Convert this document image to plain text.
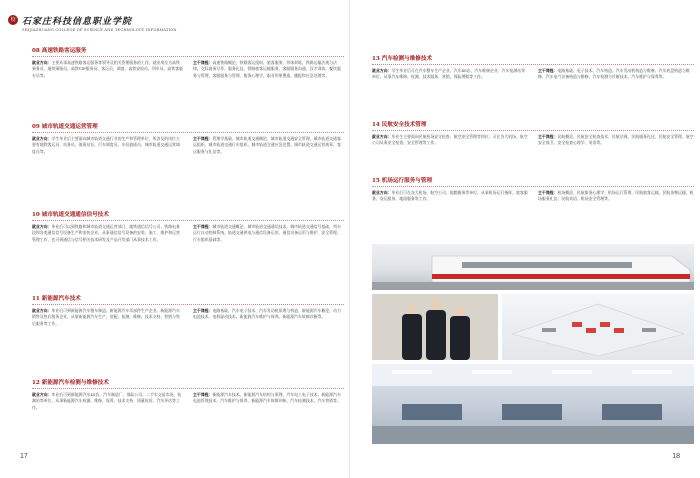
校 石家庄科技信息职业学院
SHIJIAZHUANG COLLEGE OF SCIENCE AND TECHNOLOGY INFORMATION
08 高速铁路客运服务
就业方向：主要从事高速铁路客运服务等领导及相关管理服务的工作，就业岗位为高铁乘务员、地铁乘服员、高铁VIP服务员、客运员、调度、高铁安检员、列车员、高铁客服专员等。
主干课程：高速铁路概论、铁路客运组织、旅客服务、形体训练、铁路运输法规与法律、交际商务写作、服务礼仪、铁路旅客运输服务、客服服务沟通、汉才训练、餐饮服务与管理、客服服务与管理、服务心理学、职业形象塑造、播报和应急处理等。
09 城市轨道交通运营管理
就业方向：学生毕业后主要面向城市轨道交通行业的生产和管理单位，所涉及的岗位主要有地铁客运员、站务员、值班站长、行车调度员、车站值班员、城市轨道交通运营调度员等。
主干课程：管理学基础、城市轨道交通概论、城市轨道交通安全管理、城市轨道交通客运组织、城市轨道交通行车组织、城市轨道交通应急处置、城市轨道交通运营规章、客运服务与礼仪等。
10 城市轨道交通通信信号技术
就业方向：毕业后可以到铁路和城市轨道交通运营部门、地铁通信信号公司、铁路电务段和各类通信信号设备生产和安装企业，从事通信信号设备的安装、施工、维护和运营管理工作，也可到通信与信号相关技术研发及产品开发部门从事技术工作。
主干课程：城市轨道交通概论、城市轨道交通通信技术、城市轨道交通信号基础、列车运行自动控制系统、轨道交通供电与通信设备运用、通信设备运用与维护、安全管理、行车组织基础等。
11 新能源汽车技术
就业方向：毕业后可到新能源汽车整车制造、新能源汽车零部件生产企业、新能源汽车销售及售后服务企业，从事新能源汽车生产、装配、检测、维修、技术支持、营销与售后服务等工作。
主干课程：电路基础、汽车电子技术、汽车发动机原理与构造、新能源汽车概论、动力电池技术、电机驱动技术、新能源汽车维护与保养、新能源汽车故障诊断等。
12 新能源汽车检测与维修技术
就业方向：毕业后可到新能源汽车4S店、汽车制造厂、保险公司、二手车交易市场、检测站等单位，从事新能源汽车检测、维修、保养、技术支持、质量检验、汽车评估等工作。
主干课程：新能源汽车技术、新能源汽车结构与原理、汽车电工电子技术、新能源汽车电池管理技术、汽车维护与保养、新能源汽车故障诊断、汽车检测技术、汽车营销等。
17
13 汽车检测与维修技术
就业方向：学生毕业后可在汽车整车生产企业、汽车4S店、汽车维修企业、汽车检测站等单位，从事汽车维修、检测、技术服务、营销、保险理赔等工作。
主干课程：电路基础、电子技术、汽车构造、汽车发动机构造与维修、汽车底盘构造与维修、汽车电气设备构造与维修、汽车检测与诊断技术、汽车维护与保养等。
14 民航安全技术管理
就业方向：毕业生主要面向民航机场安全检查、航空安全管理等岗位，可在各大机场、航空公司从事安全检查、安全管理等工作。
主干课程：民航概论、民航安全检查技术、民航法规、民航服务礼仪、民航安全管理、航空安全保卫、安全检查心理学、英语等。
15 机场运行服务与管理
就业方向：毕业后可在各大机场、航空公司、地勤服务等单位，从事机场运行指挥、旅客服务、货运服务、地面服务等工作。
主干课程：机场概论、民航服务心理学、机场运行管理、民航旅客运输、民航货物运输、机场服务礼仪、民航英语、机场安全管理等。
18
